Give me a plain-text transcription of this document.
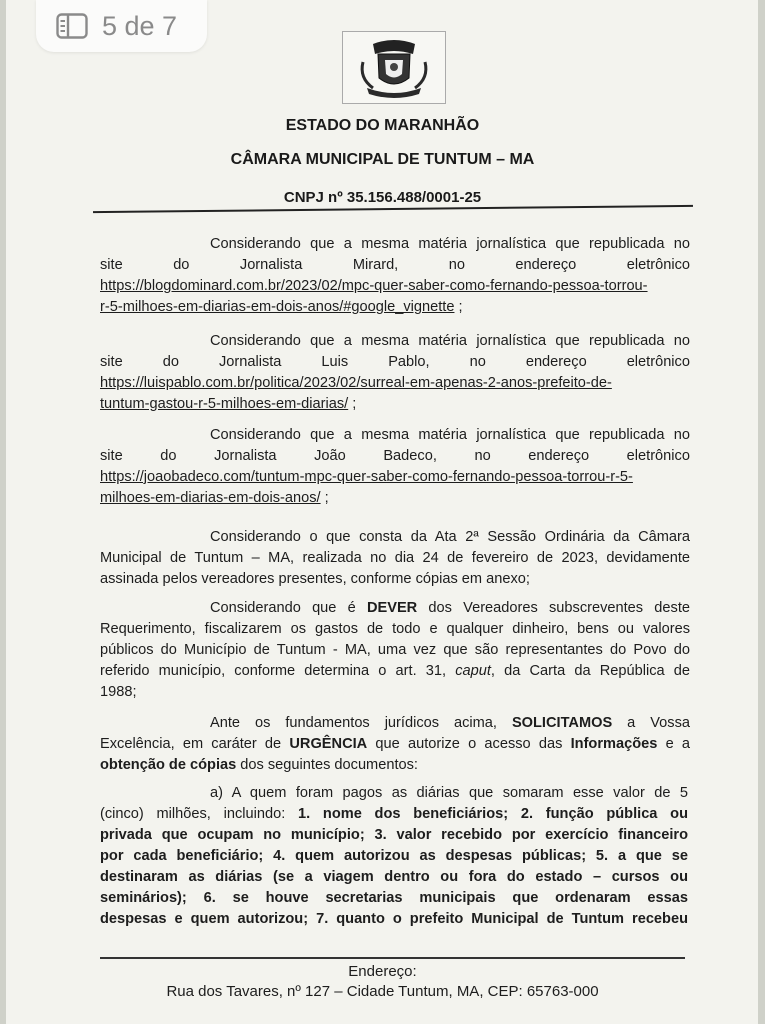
5 de 7
ESTADO DO MARANHÃO
CÂMARA MUNICIPAL DE TUNTUM – MA
CNPJ nº 35.156.488/0001-25

Considerando que a mesma matéria jornalística que republicada no

site	do	Jornalista	Mirard,	no	endereço	eletrônico

https://blogdominard.com.br/2023/02/mpc-quer-saber-como-fernando-pessoa-torrou-

r-5-milhoes-em-diarias-em-dois-anos/#google_vignette ;

Considerando que a mesma matéria jornalística que republicada no

site	do	Jornalista	Luis	Pablo,	no	endereço	eletrônico

https://luispablo.com.br/politica/2023/02/surreal-em-apenas-2-anos-prefeito-de-

tuntum-gastou-r-5-milhoes-em-diarias/ ;

Considerando que a mesma matéria jornalística que republicada no

site	do	Jornalista	João	Badeco,	no	endereço	eletrônico

https://joaobadeco.com/tuntum-mpc-quer-saber-como-fernando-pessoa-torrou-r-5-

milhoes-em-diarias-em-dois-anos/ ;

Considerando o que consta da Ata 2ª Sessão Ordinária da Câmara

Municipal de Tuntum – MA, realizada no dia 24 de fevereiro de 2023, devidamente

assinada pelos vereadores presentes, conforme cópias em anexo;

Considerando que é DEVER dos Vereadores subscreventes deste

Requerimento, fiscalizarem os gastos de todo e qualquer dinheiro, bens ou valores

públicos do Município de Tuntum - MA, uma vez que são representantes do Povo do

referido município, conforme determina o art. 31, caput, da Carta da República de

1988;

Ante os fundamentos jurídicos acima, SOLICITAMOS a Vossa

Excelência, em caráter de URGÊNCIA que autorize o acesso das Informações e a

obtenção de cópias dos seguintes documentos:

a) A quem foram pagos as diárias que somaram esse valor de 5

(cinco) milhões, incluindo: 1. nome dos beneficiários; 2. função pública ou

privada que ocupam no município; 3. valor recebido por exercício financeiro

por cada beneficiário; 4. quem autorizou as despesas públicas; 5. a que se

destinaram as diárias (se a viagem dentro ou fora do estado – cursos ou

seminários); 6. se houve secretarias municipais que ordenaram essas

despesas e quem autorizou; 7. quanto o prefeito Municipal de Tuntum recebeu

Endereço:
Rua dos Tavares, nº 127 – Cidade Tuntum, MA, CEP: 65763-000
